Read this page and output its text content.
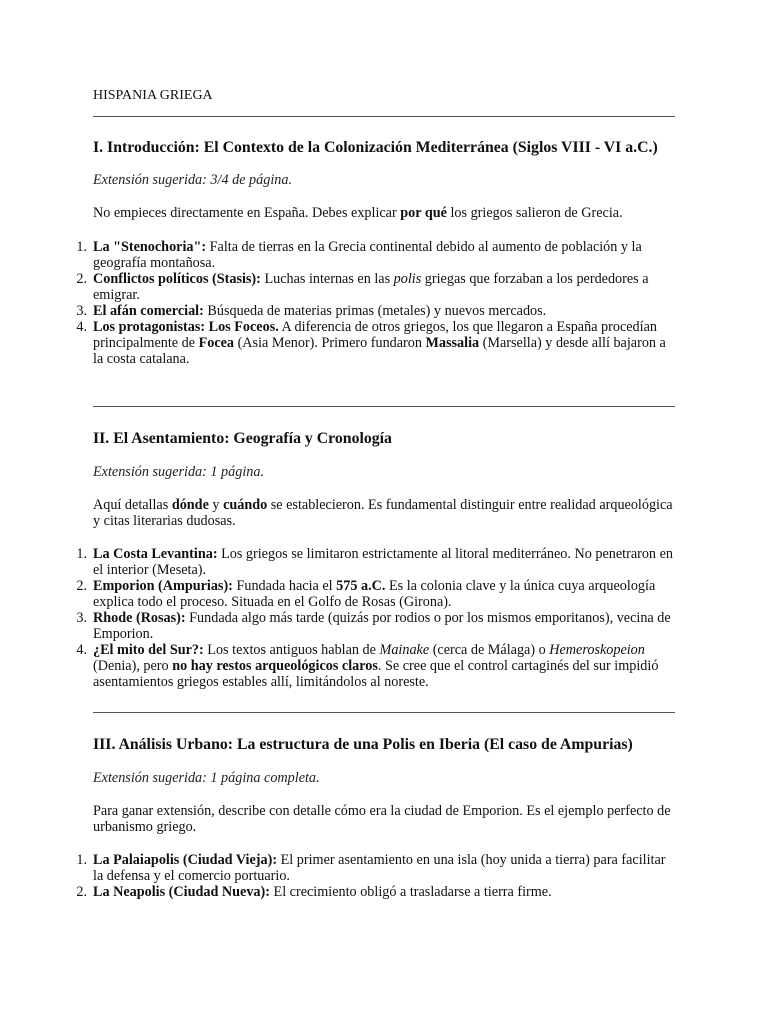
HISPANIA GRIEGA
I. Introducción: El Contexto de la Colonización Mediterránea (Siglos VIII - VI a.C.)

Extensión sugerida: 3/4 de página.

No empieces directamente en España. Debes explicar por qué los griegos salieron de Grecia.

1. La "Stenochoria": Falta de tierras en la Grecia continental debido al aumento de población y la geografía montañosa.
2. Conflictos políticos (Stasis): Luchas internas en las polis griegas que forzaban a los perdedores a emigrar.
3. El afán comercial: Búsqueda de materias primas (metales) y nuevos mercados.
4. Los protagonistas: Los Foceos. A diferencia de otros griegos, los que llegaron a España procedían principalmente de Focea (Asia Menor). Primero fundaron Massalia (Marsella) y desde allí bajaron a la costa catalana.
II. El Asentamiento: Geografía y Cronología

Extensión sugerida: 1 página.

Aquí detallas dónde y cuándo se establecieron. Es fundamental distinguir entre realidad arqueológica y citas literarias dudosas.

1. La Costa Levantina: Los griegos se limitaron estrictamente al litoral mediterráneo. No penetraron en el interior (Meseta).
2. Emporion (Ampurias): Fundada hacia el 575 a.C. Es la colonia clave y la única cuya arqueología explica todo el proceso. Situada en el Golfo de Rosas (Girona).
3. Rhode (Rosas): Fundada algo más tarde (quizás por rodios o por los mismos emporitanos), vecina de Emporion.
4. ¿El mito del Sur?: Los textos antiguos hablan de Mainake (cerca de Málaga) o Hemeroskopeion (Denia), pero no hay restos arqueológicos claros. Se cree que el control cartaginés del sur impidió asentamientos griegos estables allí, limitándolos al noreste.
III. Análisis Urbano: La estructura de una Polis en Iberia (El caso de Ampurias)

Extensión sugerida: 1 página completa.

Para ganar extensión, describe con detalle cómo era la ciudad de Emporion. Es el ejemplo perfecto de urbanismo griego.

1. La Palaiapolis (Ciudad Vieja): El primer asentamiento en una isla (hoy unida a tierra) para facilitar la defensa y el comercio portuario.
2. La Neapolis (Ciudad Nueva): El crecimiento obligó a trasladarse a tierra firme.
